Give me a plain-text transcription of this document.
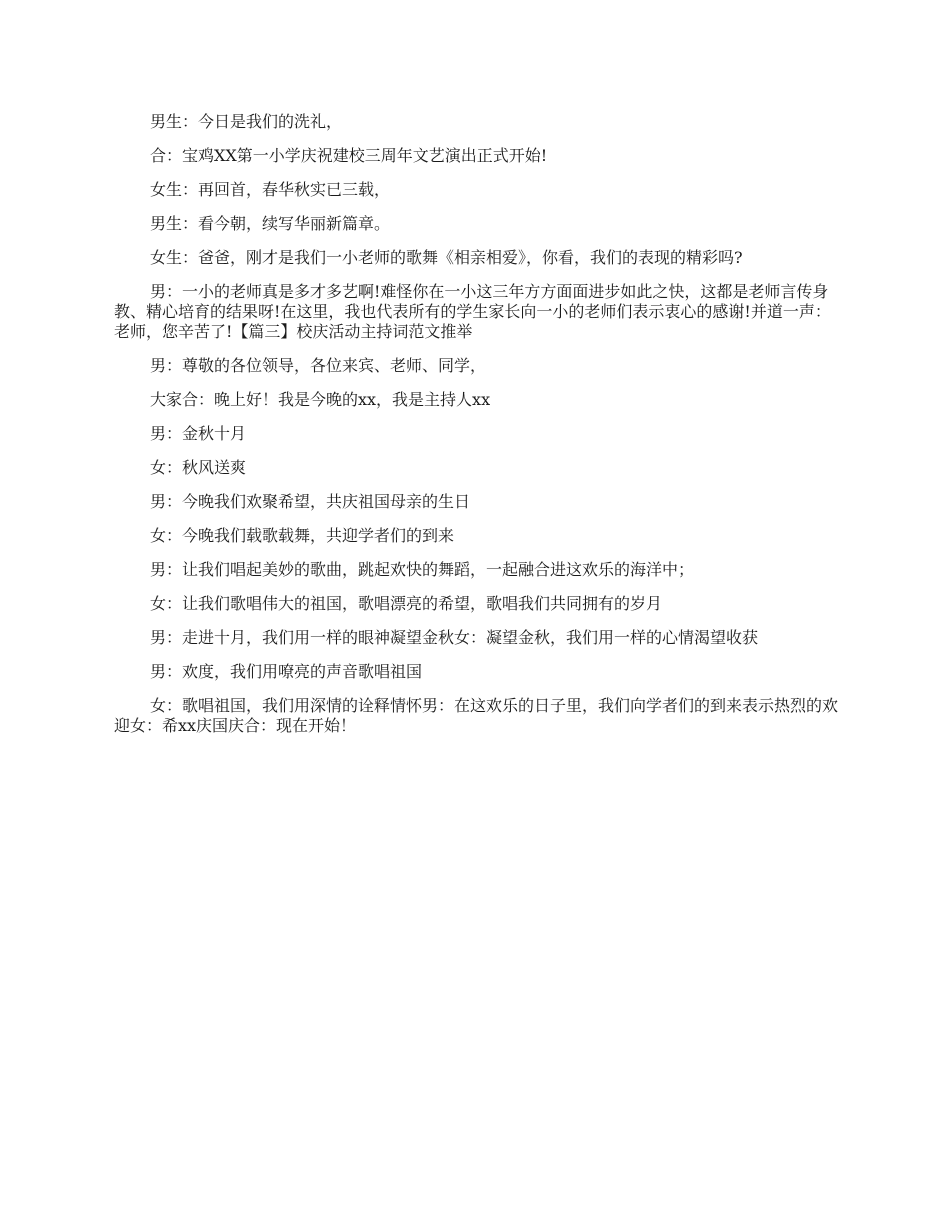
男生：今日是我们的洗礼，

合：宝鸡XX第一小学庆祝建校三周年文艺演出正式开始!

女生：再回首，春华秋实已三载，

男生：看今朝，续写华丽新篇章。

女生：爸爸，刚才是我们一小老师的歌舞《相亲相爱》，你看，我们的表现的精彩吗?

男：一小的老师真是多才多艺啊!难怪你在一小这三年方方面面进步如此之快，这都是老师言传身教、精心培育的结果呀!在这里，我也代表所有的学生家长向一小的老师们表示衷心的感谢!并道一声：老师，您辛苦了!【篇三】校庆活动主持词范文推举

男：尊敬的各位领导，各位来宾、老师、同学，

大家合：晚上好！我是今晚的xx，我是主持人xx

男：金秋十月

女：秋风送爽

男：今晚我们欢聚希望，共庆祖国母亲的生日

女：今晚我们载歌载舞，共迎学者们的到来

男：让我们唱起美妙的歌曲，跳起欢快的舞蹈，一起融合进这欢乐的海洋中；

女：让我们歌唱伟大的祖国，歌唱漂亮的希望，歌唱我们共同拥有的岁月

男：走进十月，我们用一样的眼神凝望金秋女：凝望金秋，我们用一样的心情渴望收获

男：欢度，我们用嘹亮的声音歌唱祖国

女：歌唱祖国，我们用深情的诠释情怀男：在这欢乐的日子里，我们向学者们的到来表示热烈的欢迎女：希xx庆国庆合：现在开始！
